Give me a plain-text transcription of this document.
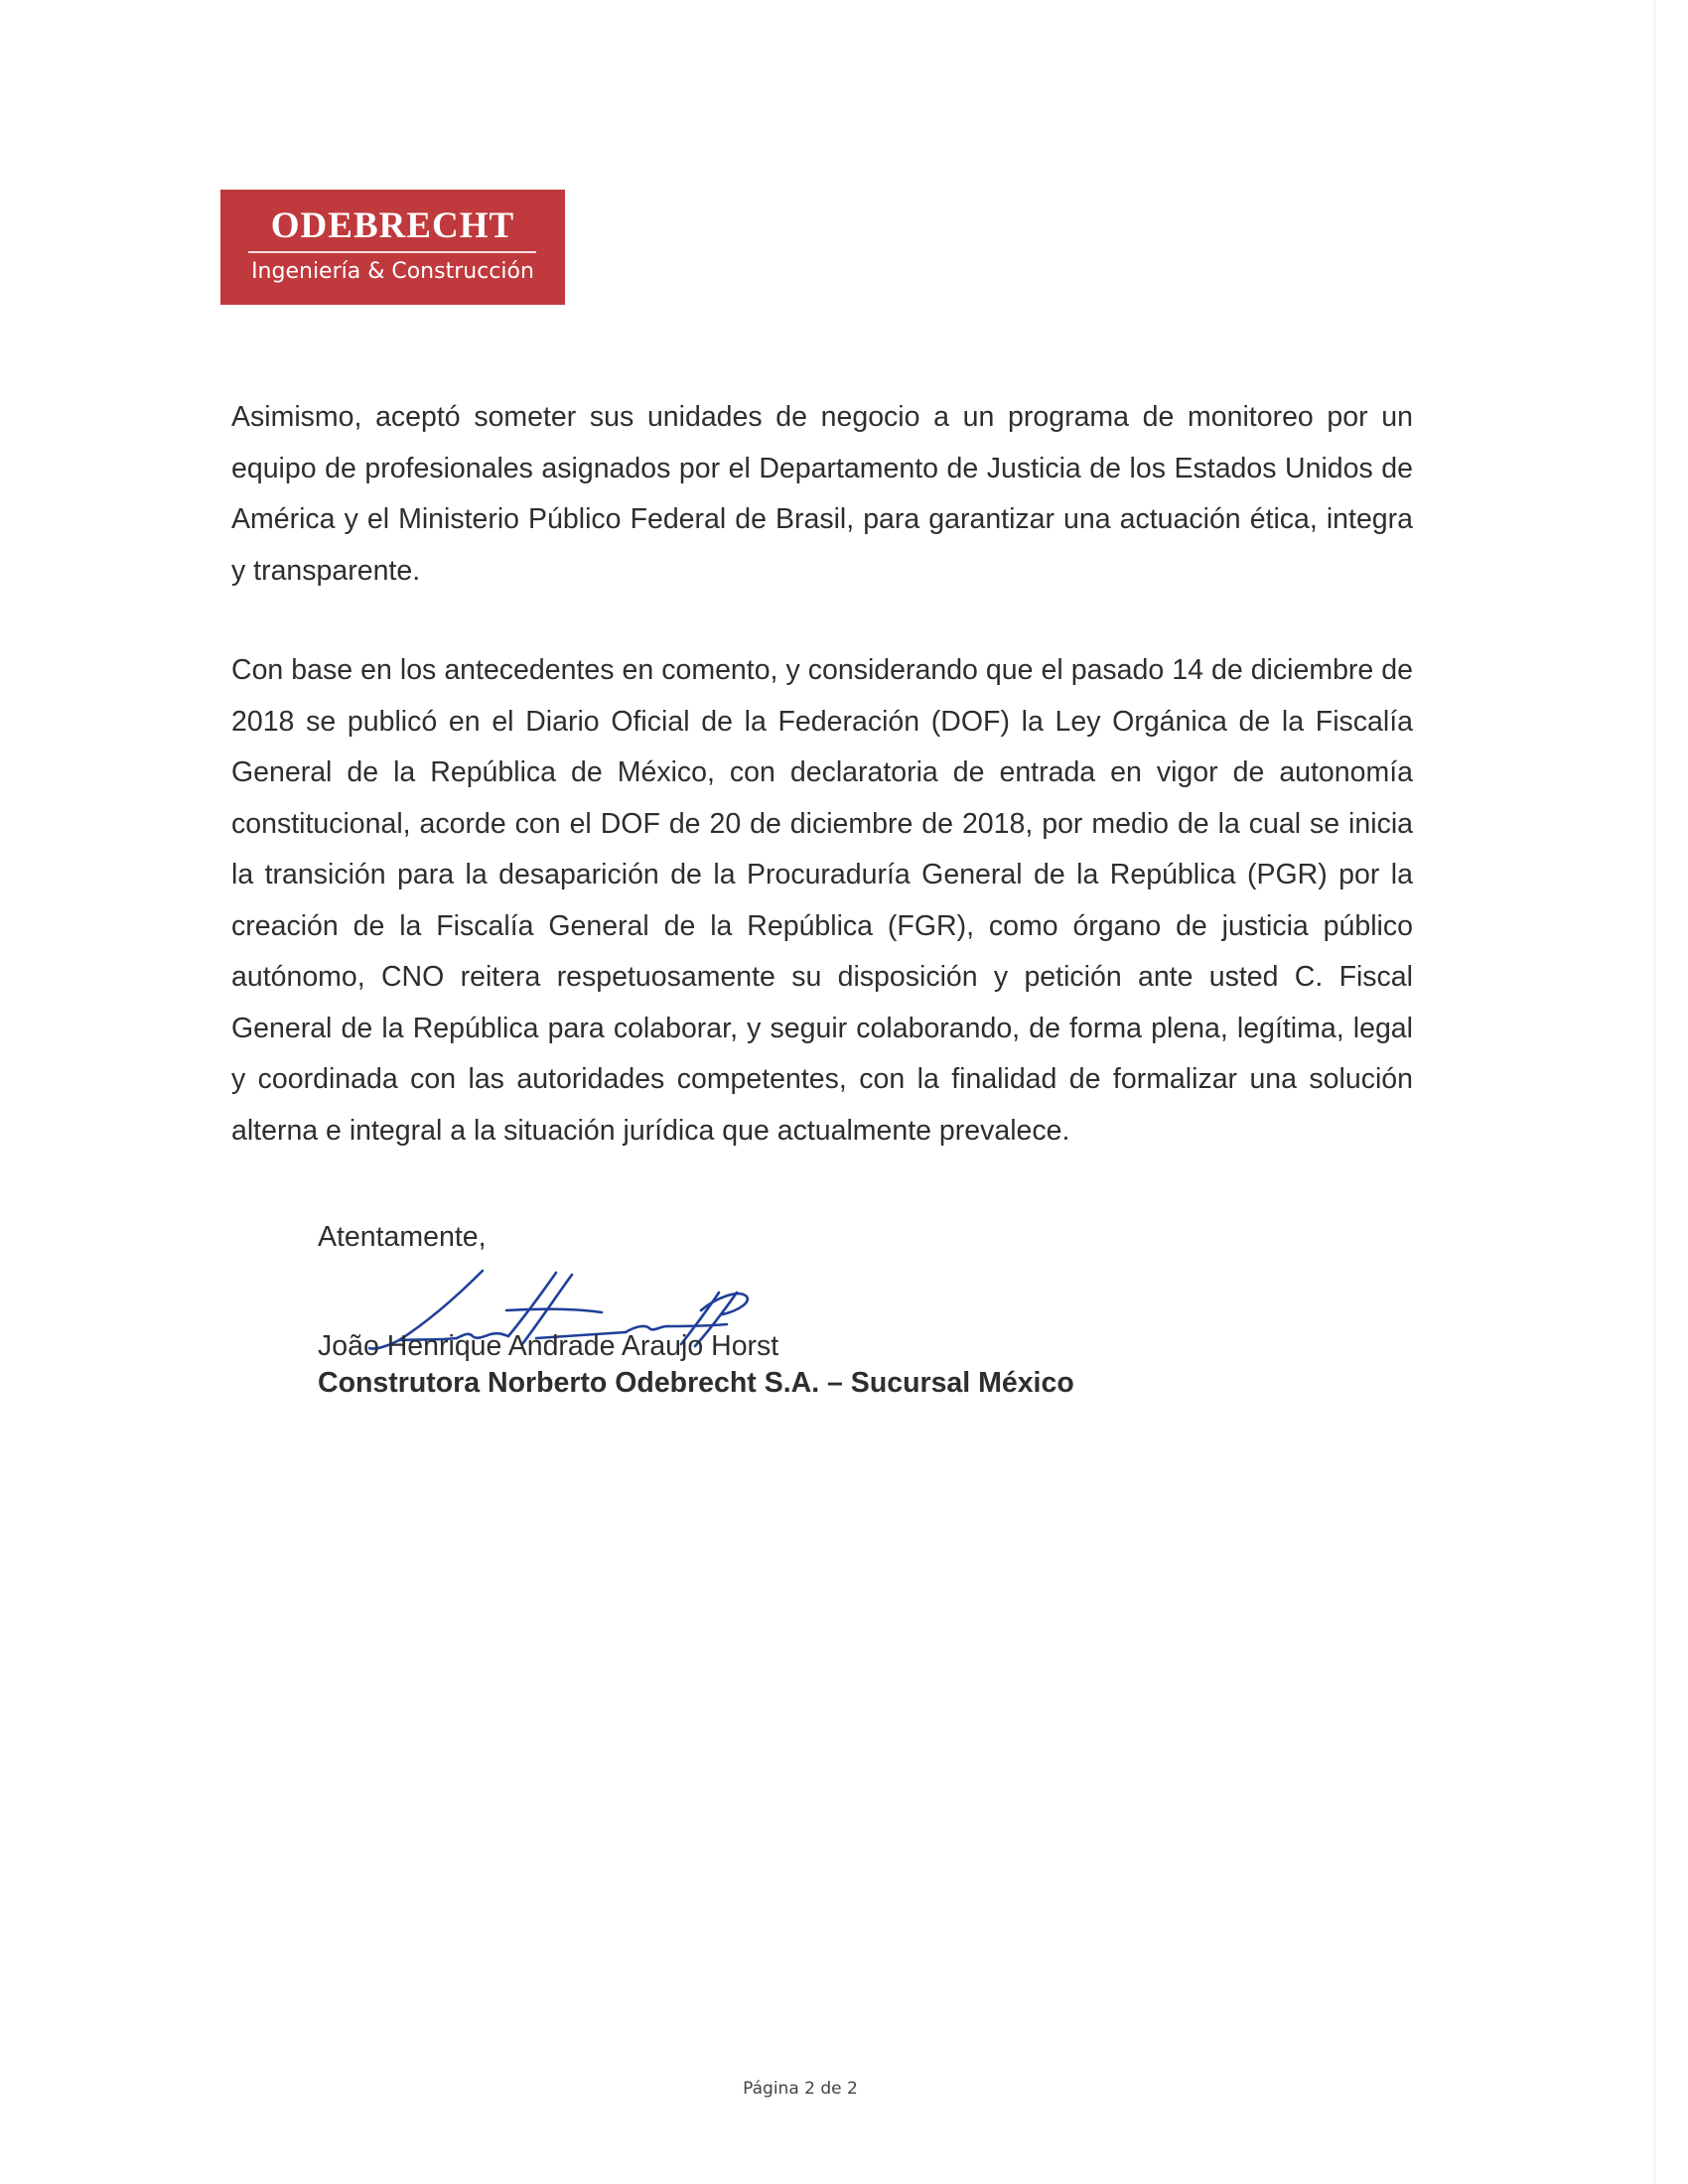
ODEBRECHT
Ingeniería & Construcción

Asimismo, aceptó someter sus unidades de negocio a un programa de monitoreo por un equipo de profesionales asignados por el Departamento de Justicia de los Estados Unidos de América y el Ministerio Público Federal de Brasil, para garantizar una actuación ética, integra y transparente.

Con base en los antecedentes en comento, y considerando que el pasado 14 de diciembre de 2018 se publicó en el Diario Oficial de la Federación (DOF) la Ley Orgánica de la Fiscalía General de la República de México, con declaratoria de entrada en vigor de autonomía constitucional, acorde con el DOF de 20 de diciembre de 2018, por medio de la cual se inicia la transición para la desaparición de la Procuraduría General de la República (PGR) por la creación de la Fiscalía General de la República (FGR), como órgano de justicia público autónomo, CNO reitera respetuosamente su disposición y petición ante usted C. Fiscal General de la República para colaborar, y seguir colaborando, de forma plena, legítima, legal y coordinada con las autoridades competentes, con la finalidad de formalizar una solución alterna e integral a la situación jurídica que actualmente prevalece.

Atentamente,

João Henrique Andrade Araujo Horst

Construtora Norberto Odebrecht S.A. – Sucursal México

Página 2 de 2
